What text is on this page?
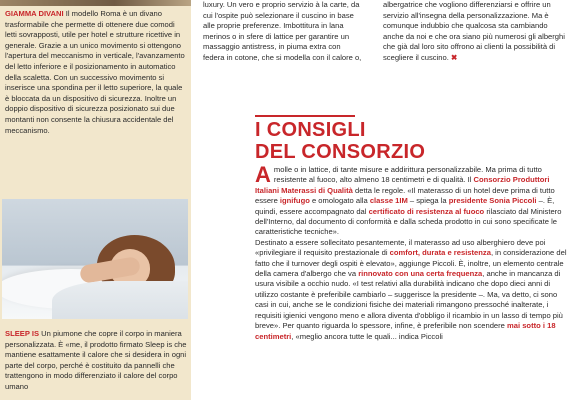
GIAMMA DIVANI Il modello Roma è un divano trasformabile che permette di ottenere due comodi letti sovrapposti, utile per hotel e strutture ricettive in generale. Grazie a un unico movimento si ottengono l'apertura del meccanismo in verticale, l'avanzamento del letto inferiore e il posizionamento in automatico della scaletta. Con un successivo movimento si inserisce una spondina per il letto superiore, la quale è bloccata da un dispositivo di sicurezza. Inoltre un doppio dispositivo di sicurezza posizionato sui due montanti non consente la chiusura accidentale del meccanismo.
SLEEP IS Un piumone che copre il corpo in maniera personalizzata. È «me, il prodotto firmato Sleep is che mantiene esattamente il calore che si desidera in ogni parte del corpo, perché è costituito da pannelli che trattengono in modo differenziato il calore del corpo umano
luxury. Un vero e proprio servizio à la carte, da cui l'ospite può selezionare il cuscino in base alle proprie preferenze. Imbottitura in lana merinos o in sfere di lattice per garantire un massaggio antistress, in piuma extra con federa in cotone, che si modella con il calore o,
albergatrice che vogliono differenziarsi e offrire un servizio all'insegna della personalizzazione. Ma è comunque indubbio che qualcosa sta cambiando anche da noi e che ora siano più numerosi gli alberghi che già dal loro sito offrono ai clienti la possibilità di scegliere il cuscino. ✖
I CONSIGLI
DEL CONSORZIO

A molle o in lattice, di tante misure e addirittura personalizzabile. Ma prima di tutto resistente al fuoco, alto almeno 18 centimetri e di qualità. Il Consorzio Produttori Italiani Materassi di Qualità detta le regole. «Il materasso di un hotel deve prima di tutto essere ignifugo e omologato alla classe 1IM – spiega la presidente Sonia Piccoli –. È, quindi, essere accompagnato dal certificato di resistenza al fuoco rilasciato dal Ministero dell'Interno, dal documento di conformità e dalla scheda prodotto in cui sono specificate le caratteristiche tecniche».

Destinato a essere sollecitato pesantemente, il materasso ad uso alberghiero deve poi «privilegiare il requisito prestazionale di comfort, durata e resistenza, in considerazione del fatto che il turnover degli ospiti è elevato», aggiunge Piccoli. È, inoltre, un elemento centrale della camera d'albergo che va rinnovato con una certa frequenza, anche in mancanza di usura visibile a occhio nudo. «I test relativi alla durabilità indicano che dopo dieci anni di utilizzo costante è preferibile cambiarlo – suggerisce la presidente –. Ma, va detto, ci sono casi in cui, anche se le condizioni fisiche dei materiali rimangono pressoché inalterate, i requisiti igienici vengono meno e allora diventa d'obbligo il ricambio in un lasso di tempo più breve». Per quanto riguarda lo spessore, infine, è preferibile non scendere mai sotto i 18 centimetri, «meglio ancora tutte le quali... indica Piccoli
